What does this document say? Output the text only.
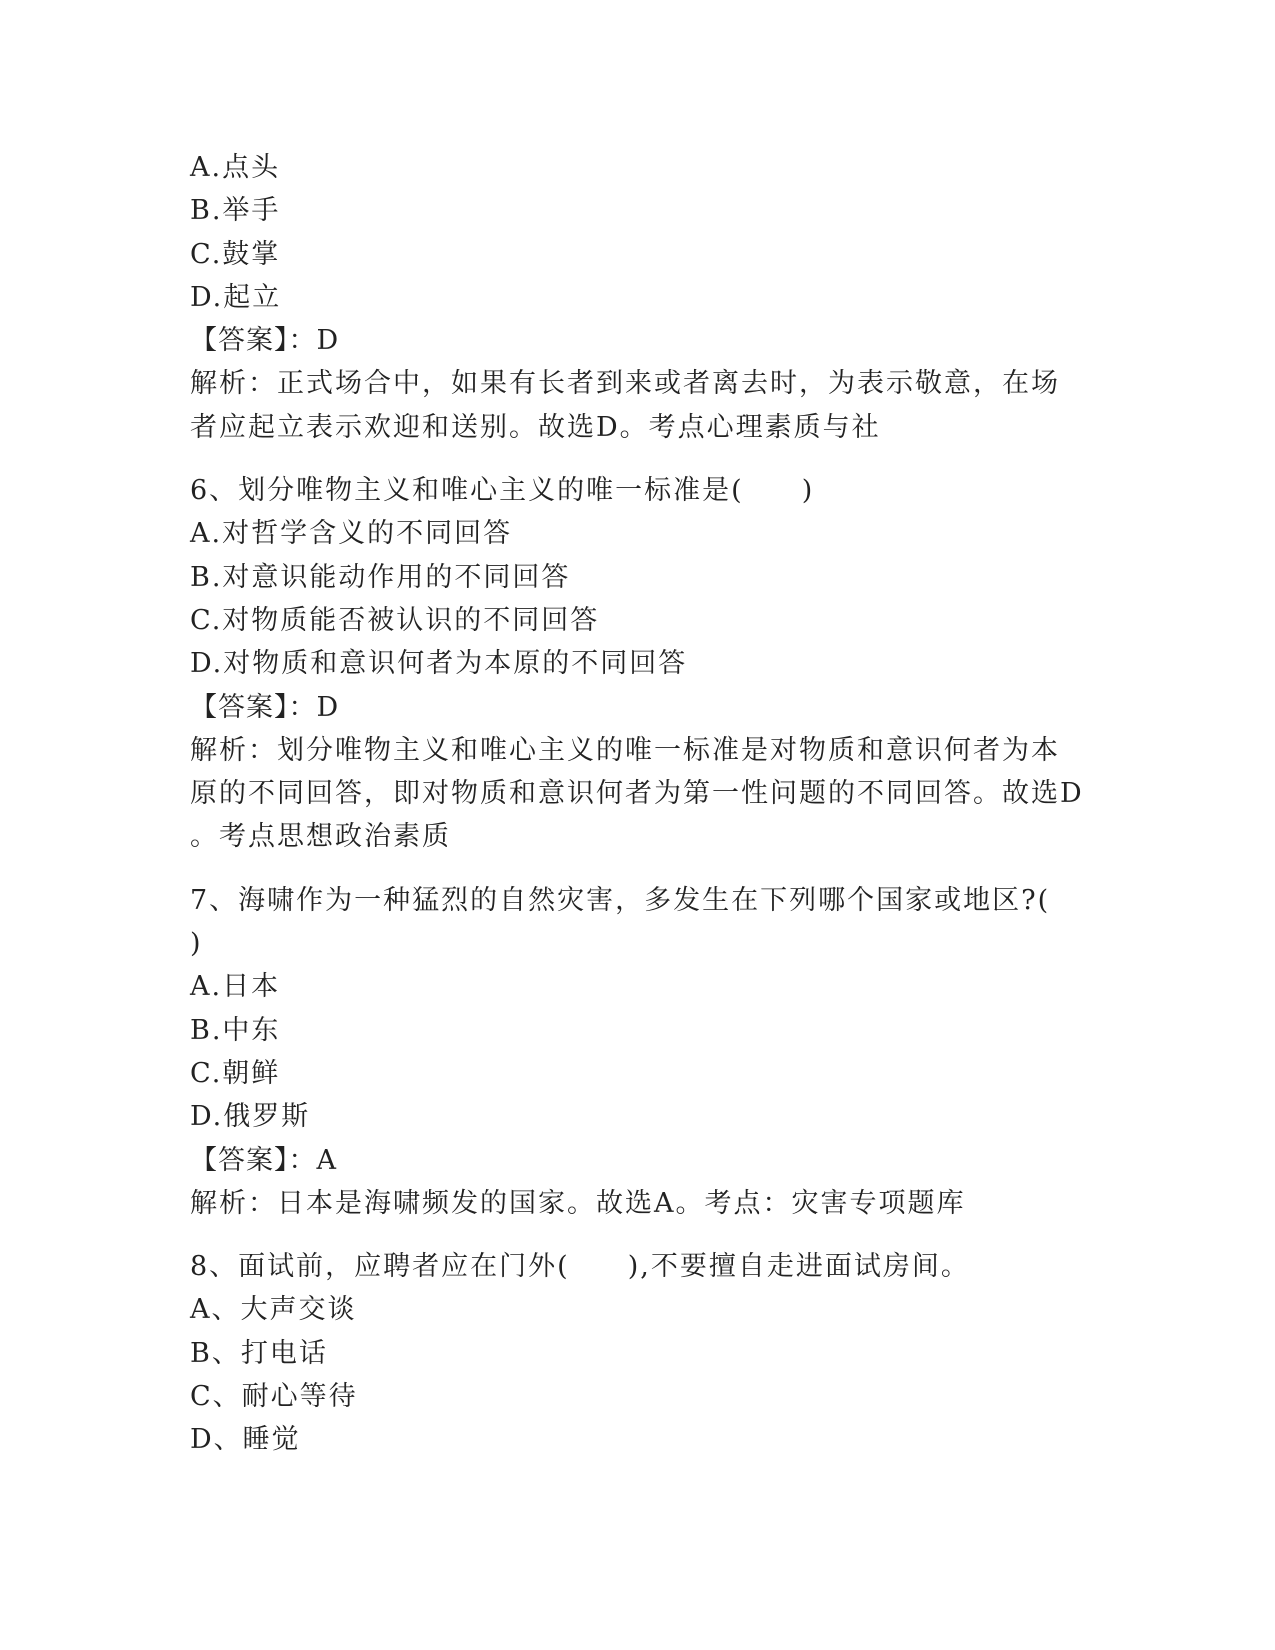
A.点头
B.举手
C.鼓掌
D.起立
【答案】：D
解析：正式场合中，如果有长者到来或者离去时，为表示敬意，在场
者应起立表示欢迎和送别。故选D。考点心理素质与社
6、划分唯物主义和唯心主义的唯一标准是(　　)
A.对哲学含义的不同回答
B.对意识能动作用的不同回答
C.对物质能否被认识的不同回答
D.对物质和意识何者为本原的不同回答
【答案】：D
解析：划分唯物主义和唯心主义的唯一标准是对物质和意识何者为本
原的不同回答，即对物质和意识何者为第一性问题的不同回答。故选D
。考点思想政治素质
7、海啸作为一种猛烈的自然灾害，多发生在下列哪个国家或地区?(
)
A.日本
B.中东
C.朝鲜
D.俄罗斯
【答案】：A
解析：日本是海啸频发的国家。故选A。考点：灾害专项题库
8、面试前，应聘者应在门外(　　),不要擅自走进面试房间。
A、大声交谈
B、打电话
C、耐心等待
D、睡觉
